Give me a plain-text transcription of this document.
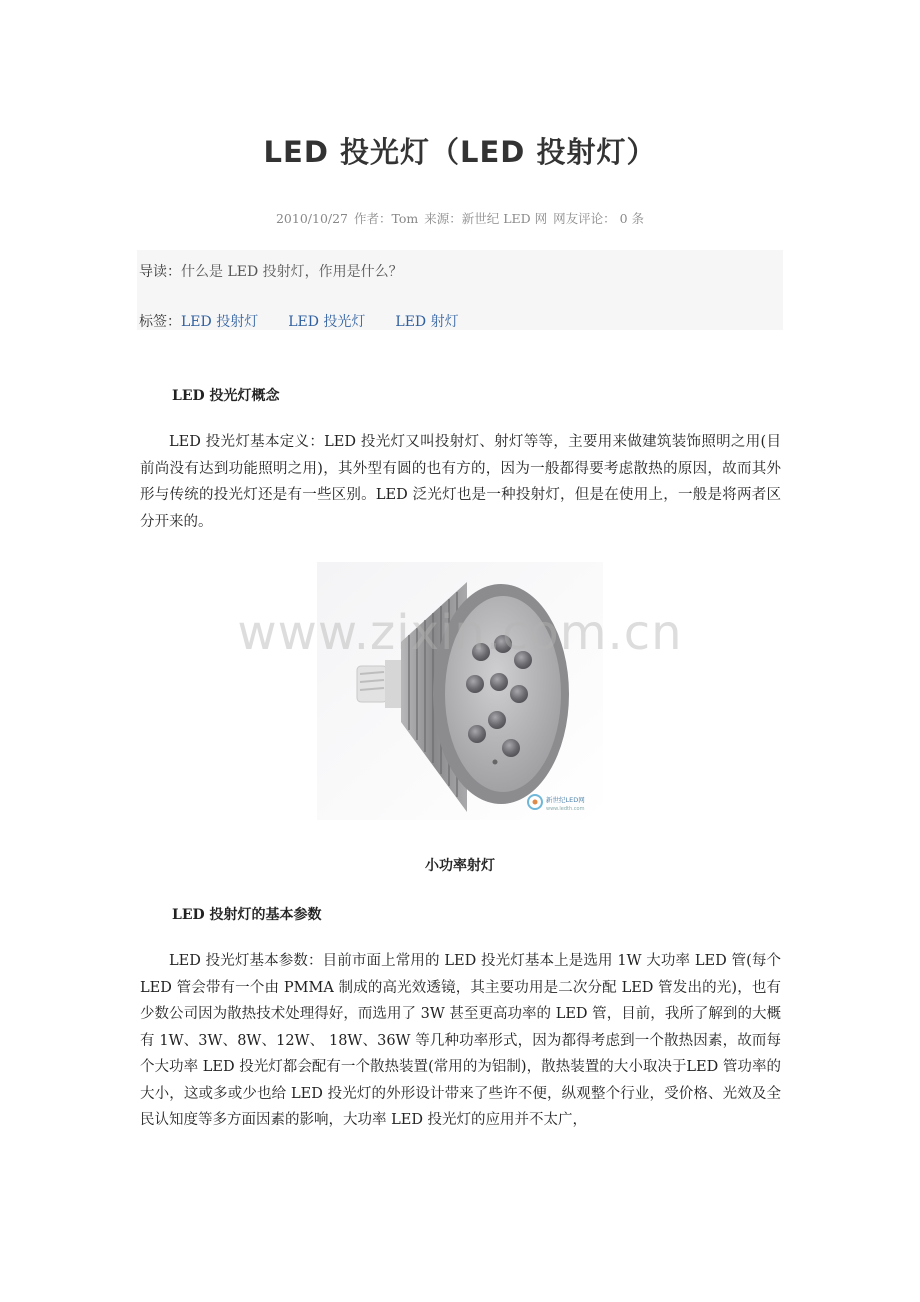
LED 投光灯（LED 投射灯）
2010/10/27 作者：Tom 来源：新世纪 LED 网 网友评论： 0 条
导读：什么是 LED 投射灯，作用是什么？
标签：LED 投射灯 LED 投光灯 LED 射灯
LED 投光灯概念
LED 投光灯基本定义：LED 投光灯又叫投射灯、射灯等等，主要用来做建筑装饰照明之用(目前尚没有达到功能照明之用)，其外型有圆的也有方的，因为一般都得要考虑散热的原因，故而其外形与传统的投光灯还是有一些区别。LED 泛光灯也是一种投射灯，但是在使用上，一般是将两者区分开来的。
新世纪LED网
www.ledth.com
www.zixin.com.cn
小功率射灯
LED 投射灯的基本参数
LED 投光灯基本参数：目前市面上常用的 LED 投光灯基本上是选用 1W 大功率 LED 管(每个 LED 管会带有一个由 PMMA 制成的高光效透镜，其主要功用是二次分配 LED 管发出的光)，也有少数公司因为散热技术处理得好，而选用了 3W 甚至更高功率的 LED 管，目前，我所了解到的大概有 1W、3W、8W、12W、 18W、36W 等几种功率形式，因为都得考虑到一个散热因素，故而每个大功率 LED 投光灯都会配有一个散热装置(常用的为铝制)，散热装置的大小取决于LED 管功率的大小，这或多或少也给 LED 投光灯的外形设计带来了些许不便，纵观整个行业，受价格、光效及全民认知度等多方面因素的影响，大功率 LED 投光灯的应用并不太广，
